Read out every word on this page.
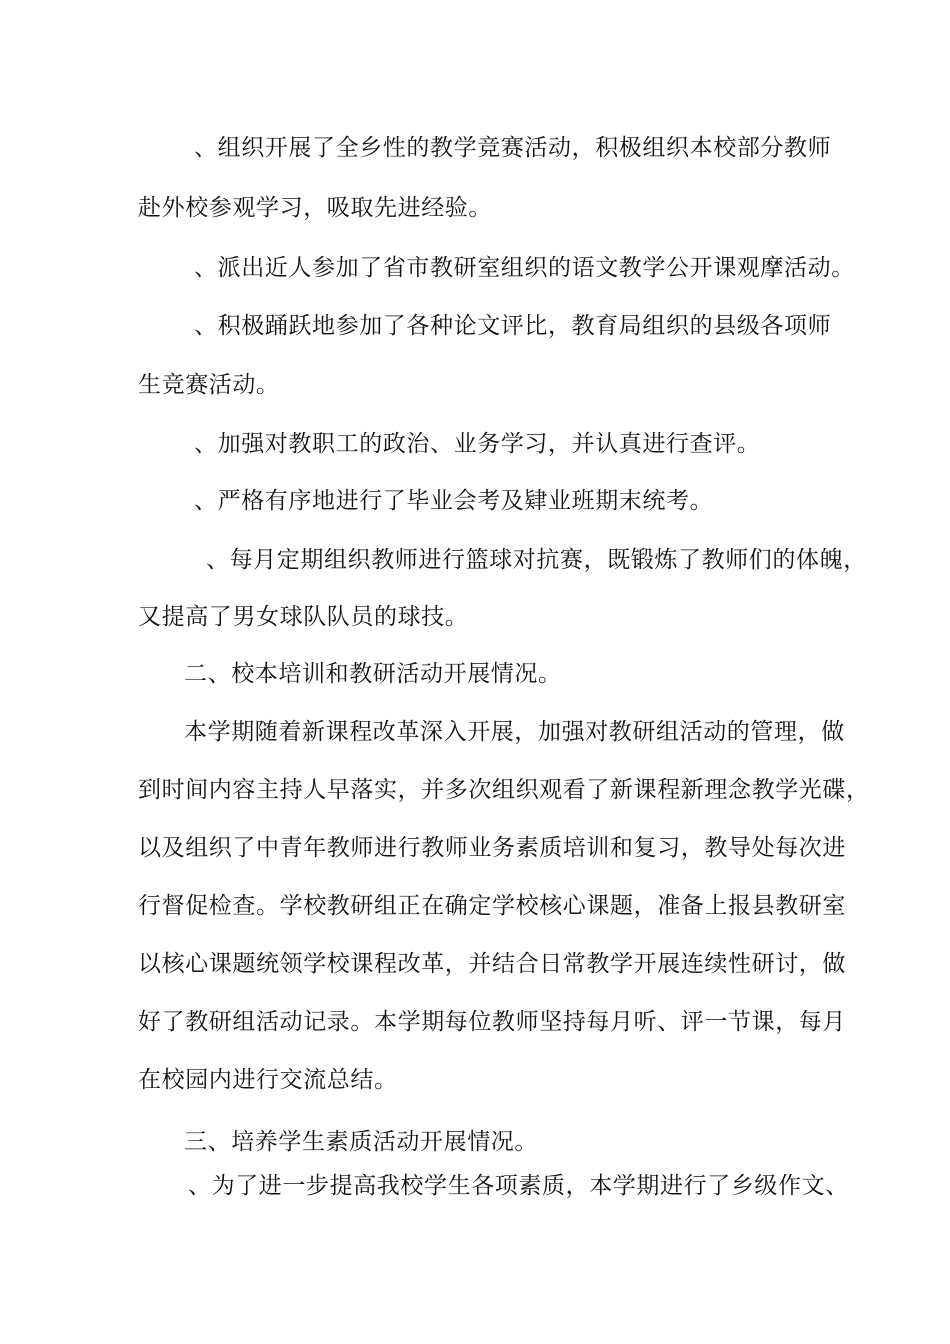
、组织开展了全乡性的教学竞赛活动，积极组织本校部分教师

赴外校参观学习，吸取先进经验。

、派出近人参加了省市教研室组织的语文教学公开课观摩活动。

、积极踊跃地参加了各种论文评比，教育局组织的县级各项师

生竞赛活动。

、加强对教职工的政治、业务学习，并认真进行查评。

、严格有序地进行了毕业会考及肄业班期末统考。

、每月定期组织教师进行篮球对抗赛，既锻炼了教师们的体魄，

又提高了男女球队队员的球技。

二、校本培训和教研活动开展情况。

本学期随着新课程改革深入开展，加强对教研组活动的管理，做

到时间内容主持人早落实，并多次组织观看了新课程新理念教学光碟，

以及组织了中青年教师进行教师业务素质培训和复习，教导处每次进

行督促检查。学校教研组正在确定学校核心课题，准备上报县教研室

以核心课题统领学校课程改革，并结合日常教学开展连续性研讨，做

好了教研组活动记录。本学期每位教师坚持每月听、评一节课，每月

在校园内进行交流总结。

三、培养学生素质活动开展情况。

、为了进一步提高我校学生各项素质，本学期进行了乡级作文、
